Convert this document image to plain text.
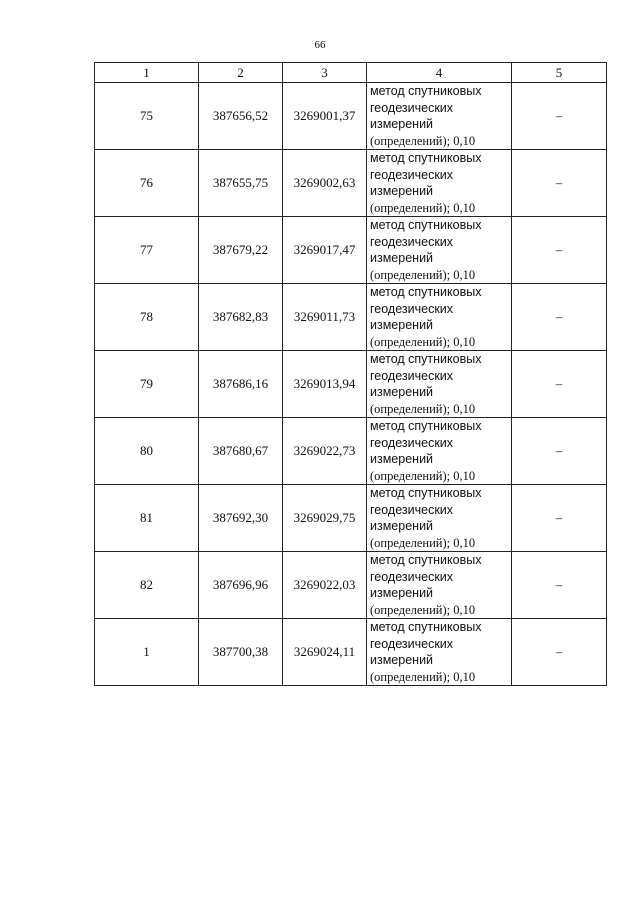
66
1	2	3	4	5
75	387656,52	3269001,37	метод спутниковых
геодезических
измерений
(определений); 0,10	–
76	387655,75	3269002,63	метод спутниковых
геодезических
измерений
(определений); 0,10	–
77	387679,22	3269017,47	метод спутниковых
геодезических
измерений
(определений); 0,10	–
78	387682,83	3269011,73	метод спутниковых
геодезических
измерений
(определений); 0,10	–
79	387686,16	3269013,94	метод спутниковых
геодезических
измерений
(определений); 0,10	–
80	387680,67	3269022,73	метод спутниковых
геодезических
измерений
(определений); 0,10	–
81	387692,30	3269029,75	метод спутниковых
геодезических
измерений
(определений); 0,10	–
82	387696,96	3269022,03	метод спутниковых
геодезических
измерений
(определений); 0,10	–
1	387700,38	3269024,11	метод спутниковых
геодезических
измерений
(определений); 0,10	–
